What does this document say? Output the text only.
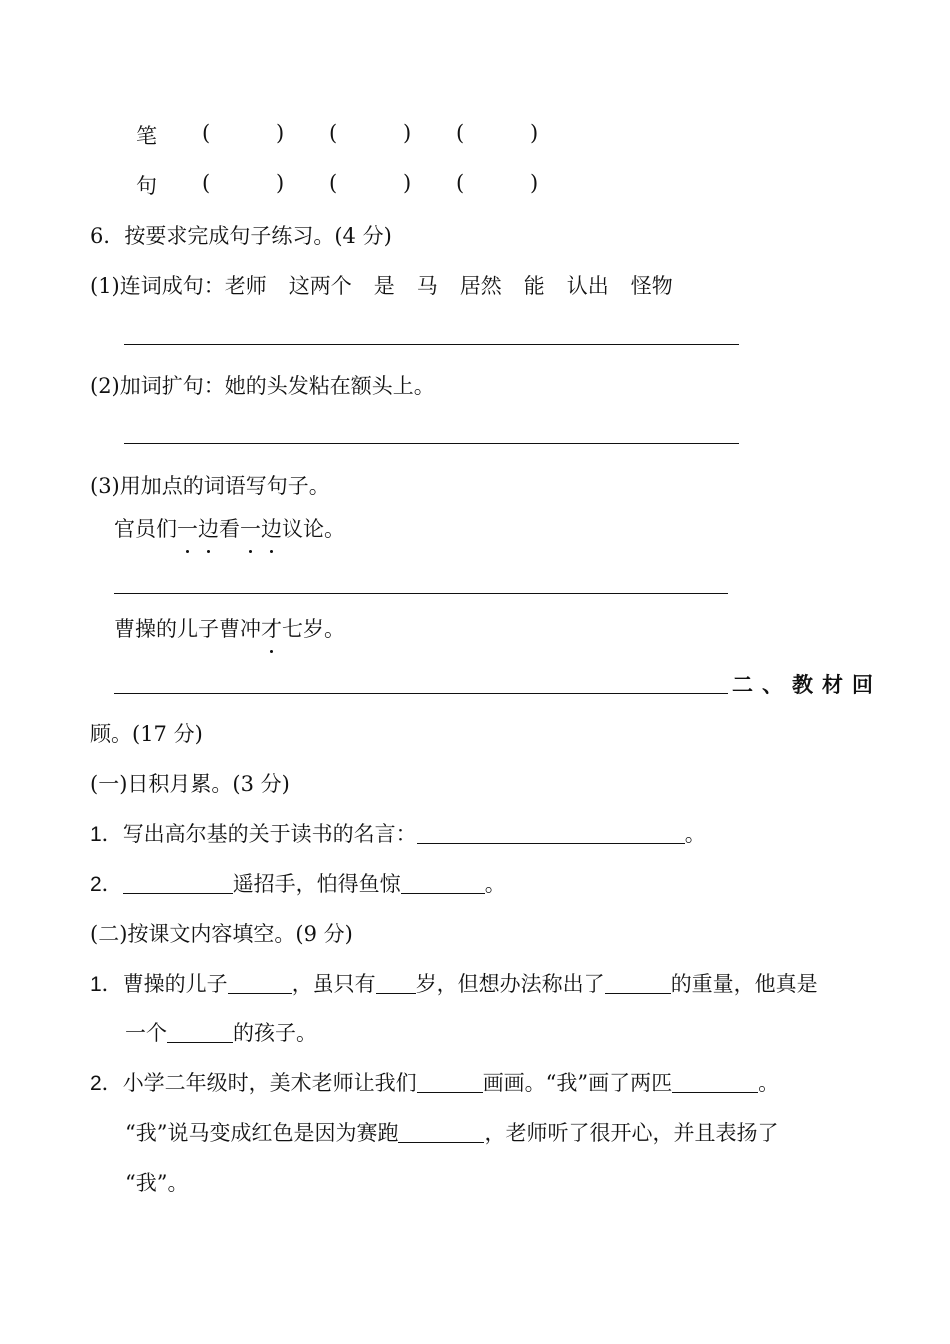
笔 (	) (	) (	)
句 (	) (	) (	)
6．按要求完成句子练习。(4 分)
(1)连词成句：老师 这两个 是 马 居然 能 认出 怪物
(2)加词扩句：她的头发粘在额头上。
(3)用加点的词语写句子。
官员们一边看一边议论。
曹操的儿子曹冲才七岁。
二、教材回
顾。(17 分)
(一)日积月累。(3 分)
1．写出高尔基的关于读书的名言：	。
2．	遥招手，怕得鱼惊	。
(二)按课文内容填空。(9 分)
1．曹操的儿子	，虽只有 岁，但想办法称出了	的重量，他真是
一个	的孩子。
2．小学二年级时，美术老师让我们	画画。“我”画了两匹	。
“我”说马变成红色是因为赛跑	，老师听了很开心，并且表扬了
“我”。
